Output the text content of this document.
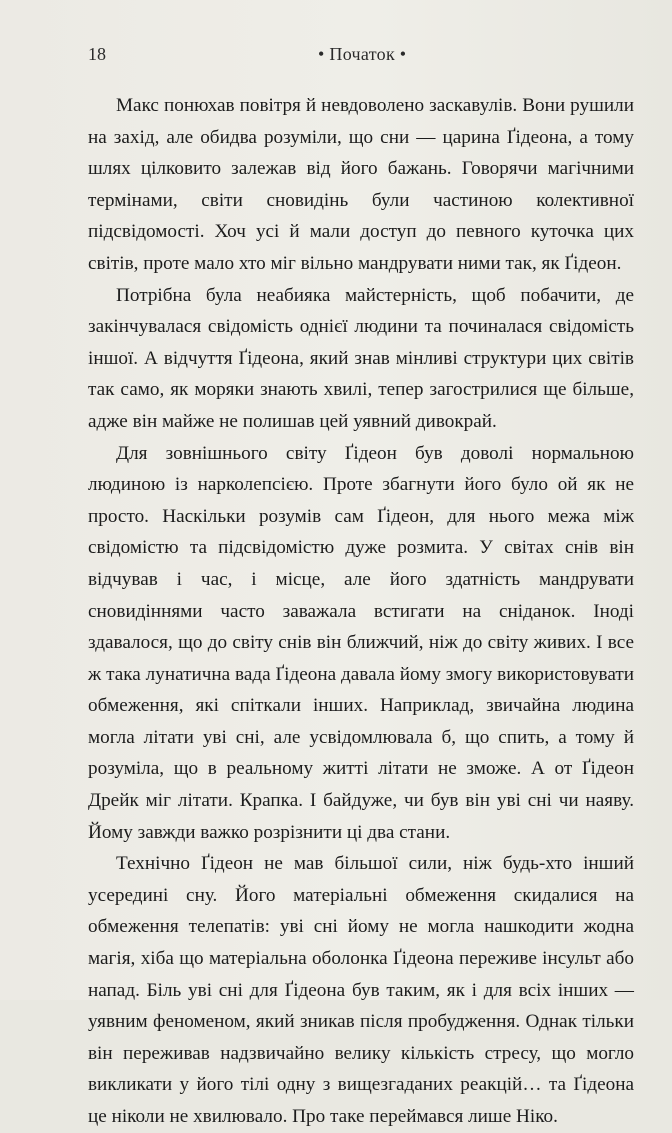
18	• Початок •

Макс понюхав повітря й невдоволено заскавулів. Вони рушили на захід, але обидва розуміли, що сни — царина Ґідеона, а тому шлях цілковито залежав від його бажань. Говорячи магічними термінами, світи сновидінь були частиною колективної підсвідомості. Хоч усі й мали доступ до певного куточка цих світів, проте мало хто міг вільно мандрувати ними так, як Ґідеон.

Потрібна була неабияка майстерність, щоб побачити, де закінчувалася свідомість однієї людини та починалася свідомість іншої. А відчуття Ґідеона, який знав мінливі структури цих світів так само, як моряки знають хвилі, тепер загострилися ще більше, адже він майже не полишав цей уявний дивокрай.

Для зовнішнього світу Ґідеон був доволі нормальною людиною із нарколепсією. Проте збагнути його було ой як не просто. Наскільки розумів сам Ґідеон, для нього межа між свідомістю та підсвідомістю дуже розмита. У світах снів він відчував і час, і місце, але його здатність мандрувати сновидіннями часто заважала встигати на сніданок. Іноді здавалося, що до світу снів він ближчий, ніж до світу живих. І все ж така лунатична вада Ґідеона давала йому змогу використовувати обмеження, які спіткали інших. Наприклад, звичайна людина могла літати уві сні, але усвідомлювала б, що спить, а тому й розуміла, що в реальному житті літати не зможе. А от Ґідеон Дрейк міг літати. Крапка. І байдуже, чи був він уві сні чи наяву. Йому завжди важко розрізнити ці два стани.

Технічно Ґідеон не мав більшої сили, ніж будь-хто інший усередині сну. Його матеріальні обмеження скидалися на обмеження телепатів: уві сні йому не могла нашкодити жодна магія, хіба що матеріальна оболонка Ґідеона переживе інсульт або напад. Біль уві сні для Ґідеона був таким, як і для всіх інших — уявним феноменом, який зникав після пробудження. Однак тільки він переживав надзвичайно велику кількість стресу, що могло викликати у його тілі одну з вищезгаданих реакцій… та Ґідеона це ніколи не хвилювало. Про таке переймався лише Ніко.
